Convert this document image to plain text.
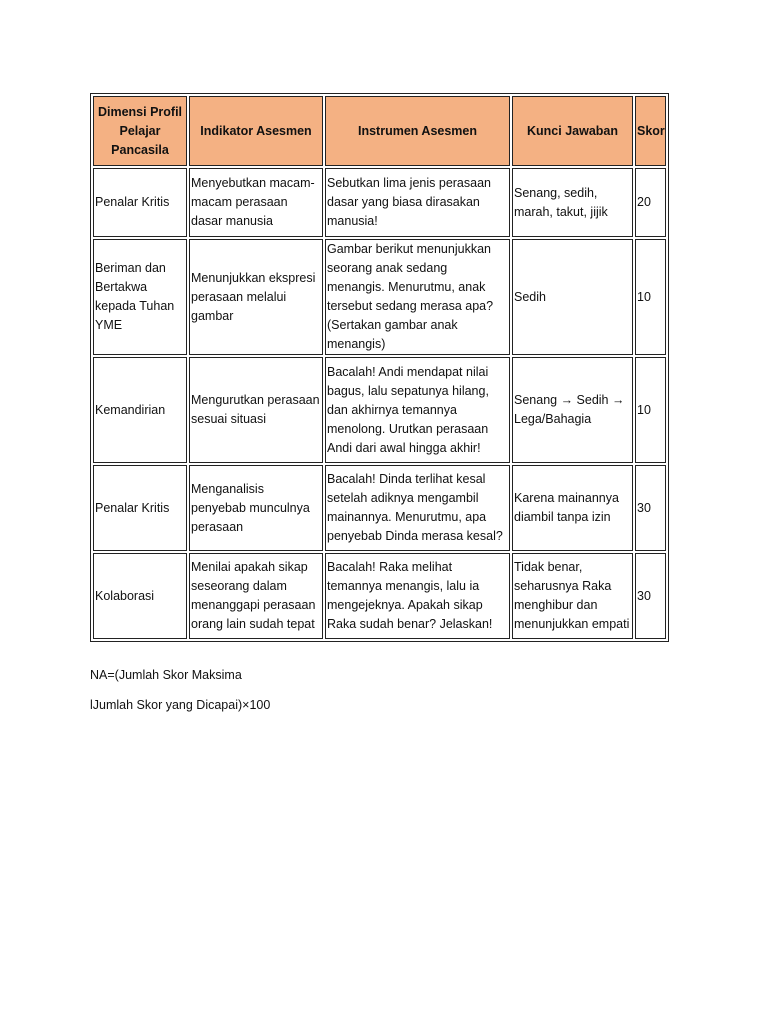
Dimensi Profil Pelajar Pancasila	Indikator Asesmen	Instrumen Asesmen	Kunci Jawaban	Skor
Penalar Kritis	Menyebutkan macam-macam perasaan dasar manusia	Sebutkan lima jenis perasaan dasar yang biasa dirasakan manusia!	Senang, sedih, marah, takut, jijik	20
Beriman dan Bertakwa kepada Tuhan YME	Menunjukkan ekspresi perasaan melalui gambar	Gambar berikut menunjukkan seorang anak sedang menangis. Menurutmu, anak tersebut sedang merasa apa? (Sertakan gambar anak menangis)	Sedih	10
Kemandirian	Mengurutkan perasaan sesuai situasi	Bacalah! Andi mendapat nilai bagus, lalu sepatunya hilang, dan akhirnya temannya menolong. Urutkan perasaan Andi dari awal hingga akhir!	Senang → Sedih → Lega/Bahagia	10
Penalar Kritis	Menganalisis penyebab munculnya perasaan	Bacalah! Dinda terlihat kesal setelah adiknya mengambil mainannya. Menurutmu, apa penyebab Dinda merasa kesal?	Karena mainannya diambil tanpa izin	30
Kolaborasi	Menilai apakah sikap seseorang dalam menanggapi perasaan orang lain sudah tepat	Bacalah! Raka melihat temannya menangis, lalu ia mengejeknya. Apakah sikap Raka sudah benar? Jelaskan!	Tidak benar, seharusnya Raka menghibur dan menunjukkan empati	30
NA=(Jumlah Skor Maksima
lJumlah Skor yang Dicapai)×100
